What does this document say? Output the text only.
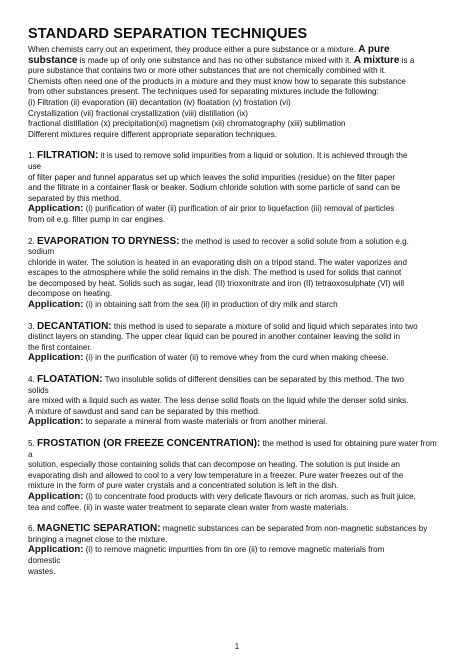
STANDARD SEPARATION TECHNIQUES
When chemists carry out an experiment, they produce either a pure substance or a mixture. A pure
substance is made up of only one substance and has no other substance mixed with it. A mixture is a
pure substance that contains two or more other substances that are not chemically combined with it.
Chemists often need one of the products in a mixture and they must know how to separate this substance
from other substances present. The techniques used for separating mixtures include the following:
(i) Filtration (ii) evaporation (iii) decantation (iv) floatation (v) frostation (vi)
Crystallization (vii) fractional crystallization (viii) distillation (ix)
fractional distillation (x) precipitation(xi) magnetism (xii) chromatography (xiii) sublimation
Different mixtures require different appropriate separation techniques.
1. FILTRATION: it is used to remove solid impurities from a liquid or solution. It is achieved through the
use
of filter paper and funnel apparatus set up which leaves the solid impurities (residue) on the filter paper
and the filtrate in a container flask or beaker. Sodium chloride solution with some particle of sand can be
separated by this method.
Application: (i) purification of water (ii) purification of air prior to liquefaction (iii) removal of particles
from oil e.g. filter pump in car engines.
2. EVAPORATION TO DRYNESS: the method is used to recover a solid solute from a solution e.g.
sodium
chloride in water. The solution is heated in an evaporating dish on a tripod stand. The water vaporizes and
escapes to the atmosphere while the solid remains in the dish. The method is used for solids that cannot
be decomposed by heat. Solids such as sugar, lead (II) trioxonitrate and iron (II) tetraoxosulphate (VI) will
decompose on heating.
Application: (i) in obtaining salt from the sea (ii) in production of dry milk and starch
3. DECANTATION: this method is used to separate a mixture of solid and liquid which separates into two
distinct layers on standing. The upper clear liquid can be poured in another container leaving the solid in
the first container.
Application: (i) in the purification of water (ii) to remove whey from the curd when making cheese.
4. FLOATATION: Two insoluble solids of different densities can be separated by this method. The two
solids
are mixed with a liquid such as water. The less dense solid floats on the liquid while the denser solid sinks.
A mixture of sawdust and sand can be separated by this method.
Application: to separate a mineral from waste materials or from another mineral.
5. FROSTATION (OR FREEZE CONCENTRATION): the method is used for obtaining pure water from
a
solution, especially those containing solids that can decompose on heating. The solution is put inside an
evaporating dish and allowed to cool to a very low temperature in a freezer. Pure water freezes out of the
mixture in the form of pure water crystals and a concentrated solution is left in the dish.
Application: (i) to concentrate food products with very delicate flavours or rich aromas, such as fruit juice,
tea and coffee. (ii) in waste water treatment to separate clean water from waste materials.
6. MAGNETIC SEPARATION: magnetic substances can be separated from non-magnetic substances by
bringing a magnet close to the mixture.
Application: (i) to remove magnetic impurities from tin ore (ii) to remove magnetic materials from
domestic
wastes.
1
